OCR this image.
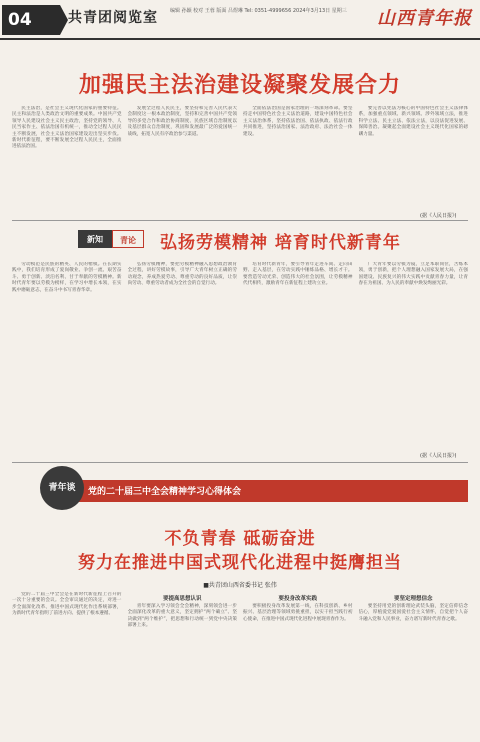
04	共青团阅览室 编辑 孙颖 校对 王蓉 版面 吕煜琳 Tel: 0351-4999656 2024年3月13日 星期三 山西青年报
加强民主法治建设凝聚发展合力

民主法治，是社会主义现代化国家的重要特征。民主和法治是人类政治文明的重要成果。中国共产党领导人民建设社会主义民主政治，坚持党的领导、人民当家作主、依法治国有机统一，推动全过程人民民主不断发展，社会主义法治国家建设迈出坚实步伐。新时代新征程，要不断发展全过程人民民主，全面推进依法治国。

发展全过程人民民主，要坚持和完善人民代表大会制度这一根本政治制度，坚持和完善中国共产党领导的多党合作和政治协商制度、民族区域自治制度以及基层群众自治制度，巩固和发展最广泛的爱国统一战线，拓宽人民有序政治参与渠道。

全面依法治国是国家治理的一场深刻革命。要坚持走中国特色社会主义法治道路，建设中国特色社会主义法治体系，坚持依法治国、依法执政、依法行政共同推进，坚持法治国家、法治政府、法治社会一体建设。

要完善以宪法为核心的中国特色社会主义法律体系，加强重点领域、新兴领域、涉外领域立法，推进科学立法、民主立法、依法立法，以良法促进发展、保障善治。凝聚起全面建设社会主义现代化国家的磅礴力量。

(据《人民日报》)
新知	青论	弘扬劳模精神 培育时代新青年

劳动模范是民族的精英、人民的楷模。在长期实践中，我们培育形成了爱岗敬业、争创一流、艰苦奋斗、勇于创新、淡泊名利、甘于奉献的劳模精神。新时代青年要以劳模为榜样，在学习中增长本领，在实践中磨砺意志，在奋斗中书写青春华章。

弘扬劳模精神，要把劳模精神融入思想政治教育全过程，讲好劳模故事，引导广大青年树立正确的劳动观念，养成热爱劳动、尊重劳动的良好品质，让崇尚劳动、尊重劳动者成为全社会的自觉行动。

培育时代新青年，要引导青年走进车间、走向田野、走入基层，在劳动实践中锤炼品格、增长才干。要营造劳动光荣、创造伟大的社会氛围，让劳模精神代代相传，激励青年在新征程上建功立业。

广大青年要以劳模为镜，立足本职岗位，苦练本领，勇于创新，把个人理想融入国家发展大局，在强国建设、民族复兴的伟大实践中贡献青春力量，让青春在为祖国、为人民的奉献中焕发绚丽光彩。

(据《人民日报》)
党的二十届三中全会精神学习心得体会
青年谈
不负青春 砥砺奋进
努力在推进中国式现代化进程中挺膺担当
■共青团山西省委书记 张伟

党的二十届三中全会是在新时代新征程上召开的一次十分重要的会议。全会审议通过的决定，对进一步全面深化改革、推进中国式现代化作出系统部署，为新时代青年指明了前进方向、提供了根本遵循。

要提高思想认识

青年要深入学习领会全会精神，深刻领会进一步全面深化改革的重大意义，坚定拥护“两个确立”、坚决做到“两个维护”，把思想和行动统一到党中央决策部署上来。

要投身改革实践

要积极投身改革发展第一线，在科技创新、乡村振兴、基层治理等领域勇挑重担，以实干担当践行初心使命，在推进中国式现代化进程中展现青春作为。

要坚定理想信念

要坚持用党的创新理论武装头脑，坚定信仰信念信心，厚植爱党爱国爱社会主义情怀，自觉把个人奋斗融入党和人民事业，奋力谱写新时代青春之歌。
